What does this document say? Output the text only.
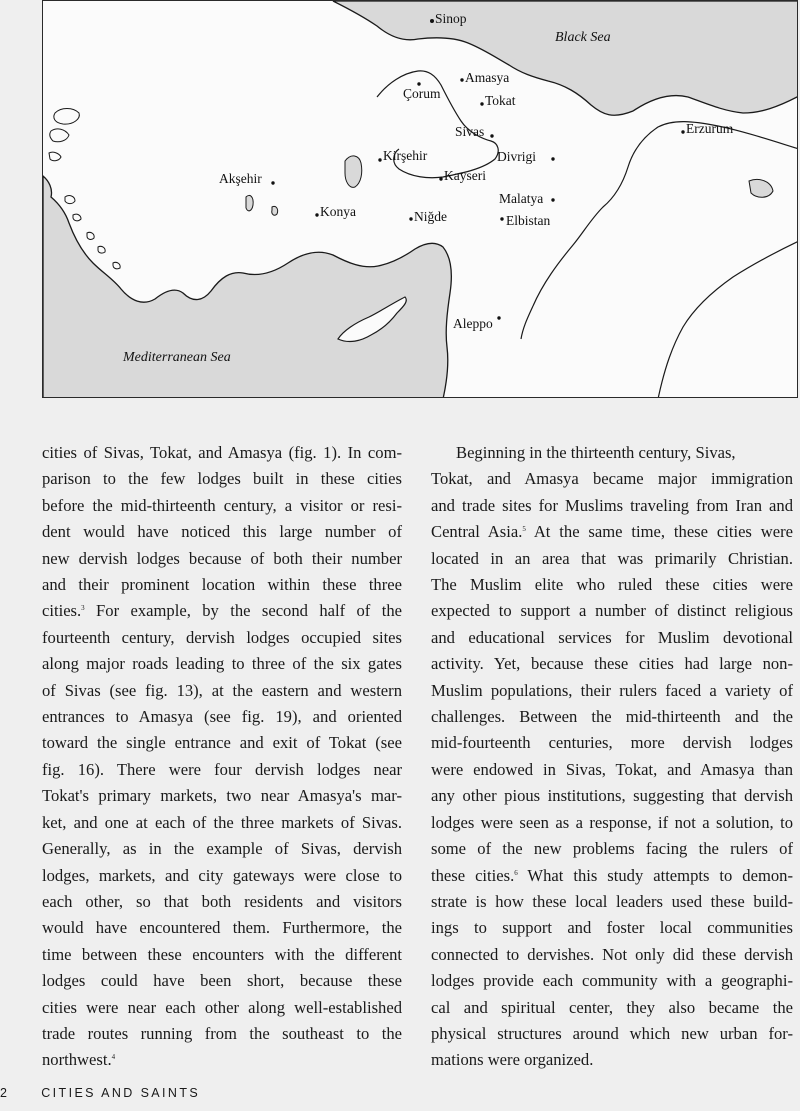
Black Sea
Mediterranean Sea
Sinop
Amasya
Çorum	Tokat
Sivas	Erzurum
Kirşehir	Divrigi
Akşehir	Kayseri
Malatya
Konya	Niğde	Elbistan
Aleppo

cities of Sivas, Tokat, and Amasya (fig. 1). In com-
parison to the few lodges built in these cities
before the mid-thirteenth century, a visitor or resi-
dent would have noticed this large number of
new dervish lodges because of both their number
and their prominent location within these three
cities.$^3$ For example, by the second half of the
fourteenth century, dervish lodges occupied sites
along major roads leading to three of the six gates
of Sivas (see fig. 13), at the eastern and western
entrances to Amasya (see fig. 19), and oriented
toward the single entrance and exit of Tokat (see
fig. 16). There were four dervish lodges near
Tokat's primary markets, two near Amasya's mar-
ket, and one at each of the three markets of Sivas.
Generally, as in the example of Sivas, dervish
lodges, markets, and city gateways were close to
each other, so that both residents and visitors
would have encountered them. Furthermore, the
time between these encounters with the different
lodges could have been short, because these
cities were near each other along well-established
trade routes running from the southeast to the
northwest.$^4$

Beginning in the thirteenth century, Sivas,
Tokat, and Amasya became major immigration
and trade sites for Muslims traveling from Iran and
Central Asia.$^5$ At the same time, these cities were
located in an area that was primarily Christian.
The Muslim elite who ruled these cities were
expected to support a number of distinct religious
and educational services for Muslim devotional
activity. Yet, because these cities had large non-
Muslim populations, their rulers faced a variety of
challenges. Between the mid-thirteenth and the
mid-fourteenth centuries, more dervish lodges
were endowed in Sivas, Tokat, and Amasya than
any other pious institutions, suggesting that dervish
lodges were seen as a response, if not a solution, to
some of the new problems facing the rulers of
these cities.$^6$ What this study attempts to demon-
strate is how these local leaders used these build-
ings to support and foster local communities
connected to dervishes. Not only did these dervish
lodges provide each community with a geographi-
cal and spiritual center, they also became the
physical structures around which new urban for-
mations were organized.

2	CITIES AND SAINTS
